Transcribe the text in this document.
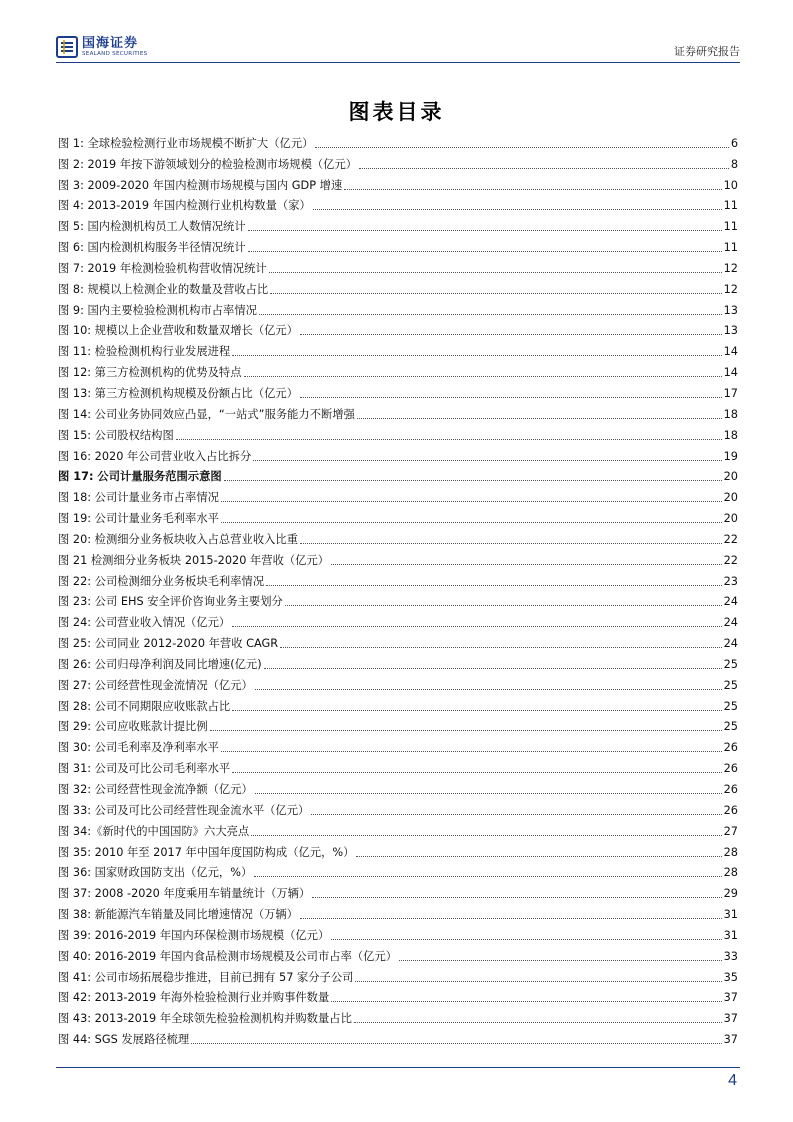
国海证券
SEALAND SECURITIES	证券研究报告
图表目录
图 1: 全球检验检测行业市场规模不断扩大（亿元）	6
图 2: 2019 年按下游领域划分的检验检测市场规模（亿元）	8
图 3: 2009-2020 年国内检测市场规模与国内 GDP 增速	10
图 4: 2013-2019 年国内检测行业机构数量（家）	11
图 5: 国内检测机构员工人数情况统计	11
图 6: 国内检测机构服务半径情况统计	11
图 7: 2019 年检测检验机构营收情况统计	12
图 8: 规模以上检测企业的数量及营收占比	12
图 9: 国内主要检验检测机构市占率情况	13
图 10: 规模以上企业营收和数量双增长（亿元）	13
图 11: 检验检测机构行业发展进程	14
图 12: 第三方检测机构的优势及特点	14
图 13: 第三方检测机构规模及份额占比（亿元）	17
图 14: 公司业务协同效应凸显，“一站式”服务能力不断增强	18
图 15: 公司股权结构图	18
图 16: 2020 年公司营业收入占比拆分	19
图 17: 公司计量服务范围示意图	20
图 18: 公司计量业务市占率情况	20
图 19: 公司计量业务毛利率水平	20
图 20: 检测细分业务板块收入占总营业收入比重	22
图 21 检测细分业务板块 2015-2020 年营收（亿元）	22
图 22: 公司检测细分业务板块毛利率情况	23
图 23: 公司 EHS 安全评价咨询业务主要划分	24
图 24: 公司营业收入情况（亿元）	24
图 25: 公司同业 2012-2020 年营收 CAGR	24
图 26: 公司归母净利润及同比增速(亿元)	25
图 27: 公司经营性现金流情况（亿元）	25
图 28: 公司不同期限应收账款占比	25
图 29: 公司应收账款计提比例	25
图 30: 公司毛利率及净利率水平	26
图 31: 公司及可比公司毛利率水平	26
图 32: 公司经营性现金流净额（亿元）	26
图 33: 公司及可比公司经营性现金流水平（亿元）	26
图 34:《新时代的中国国防》六大亮点	27
图 35: 2010 年至 2017 年中国年度国防构成（亿元，%）	28
图 36: 国家财政国防支出（亿元，%）	28
图 37: 2008 -2020 年度乘用车销量统计（万辆）	29
图 38: 新能源汽车销量及同比增速情况（万辆）	31
图 39: 2016-2019 年国内环保检测市场规模（亿元）	31
图 40: 2016-2019 年国内食品检测市场规模及公司市占率（亿元）	33
图 41: 公司市场拓展稳步推进，目前已拥有 57 家分子公司	35
图 42: 2013-2019 年海外检验检测行业并购事件数量	37
图 43: 2013-2019 年全球领先检验检测机构并购数量占比	37
图 44: SGS 发展路径梳理	37
4
